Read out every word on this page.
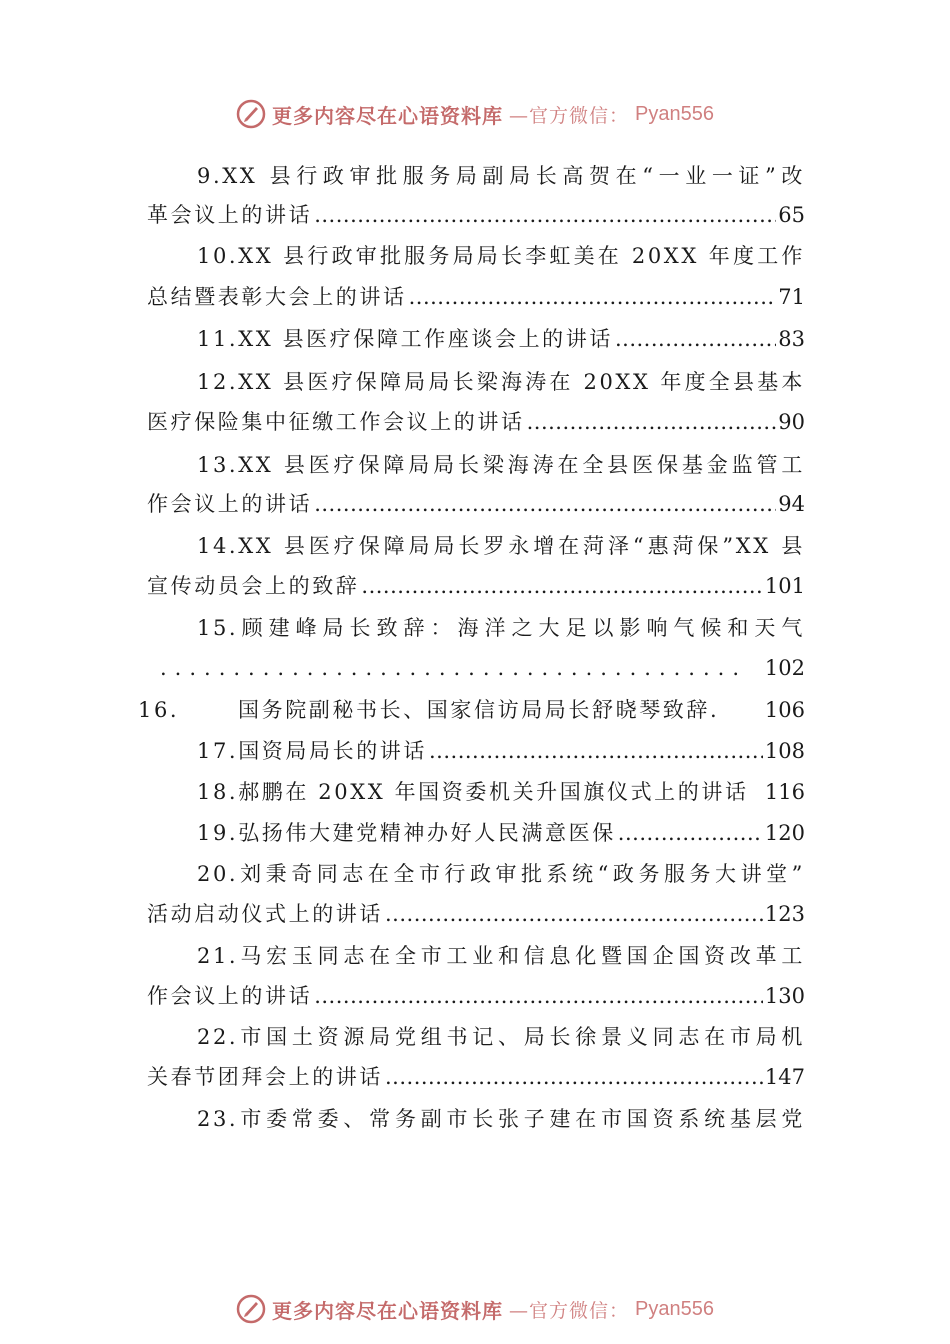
更多内容尽在心语资料库 —官方微信： Pyan556
9.XX 县行政审批服务局副局长高贺在“一业一证”改
革会议上的讲话 .....	65
10.XX 县行政审批服务局局长李虹美在 20XX 年度工作
总结暨表彰大会上的讲话 .....	71
11.XX 县医疗保障工作座谈会上的讲话 .....	83
12.XX 县医疗保障局局长梁海涛在 20XX 年度全县基本
医疗保险集中征缴工作会议上的讲话 .....	90
13.XX 县医疗保障局局长梁海涛在全县医保基金监管工
作会议上的讲话 .....	94
14.XX 县医疗保障局局长罗永增在菏泽“惠菏保”XX 县
宣传动员会上的致辞 .....	101
15.顾建峰局长致辞：海洋之大足以影响气候和天气
.....
102
16.	国务院副秘书长、国家信访局局长舒晓琴致辞. 106
17.国资局局长的讲话 .....	108
18.郝鹏在 20XX 年国资委机关升国旗仪式上的讲话 116
19.弘扬伟大建党精神办好人民满意医保 .....	120
20.刘秉奇同志在全市行政审批系统“政务服务大讲堂”
活动启动仪式上的讲话 .....	123
21.马宏玉同志在全市工业和信息化暨国企国资改革工
作会议上的讲话 .....	130
22.市国土资源局党组书记、局长徐景义同志在市局机
关春节团拜会上的讲话 .....	147
23.市委常委、常务副市长张子建在市国资系统基层党
更多内容尽在心语资料库 —官方微信： Pyan556
